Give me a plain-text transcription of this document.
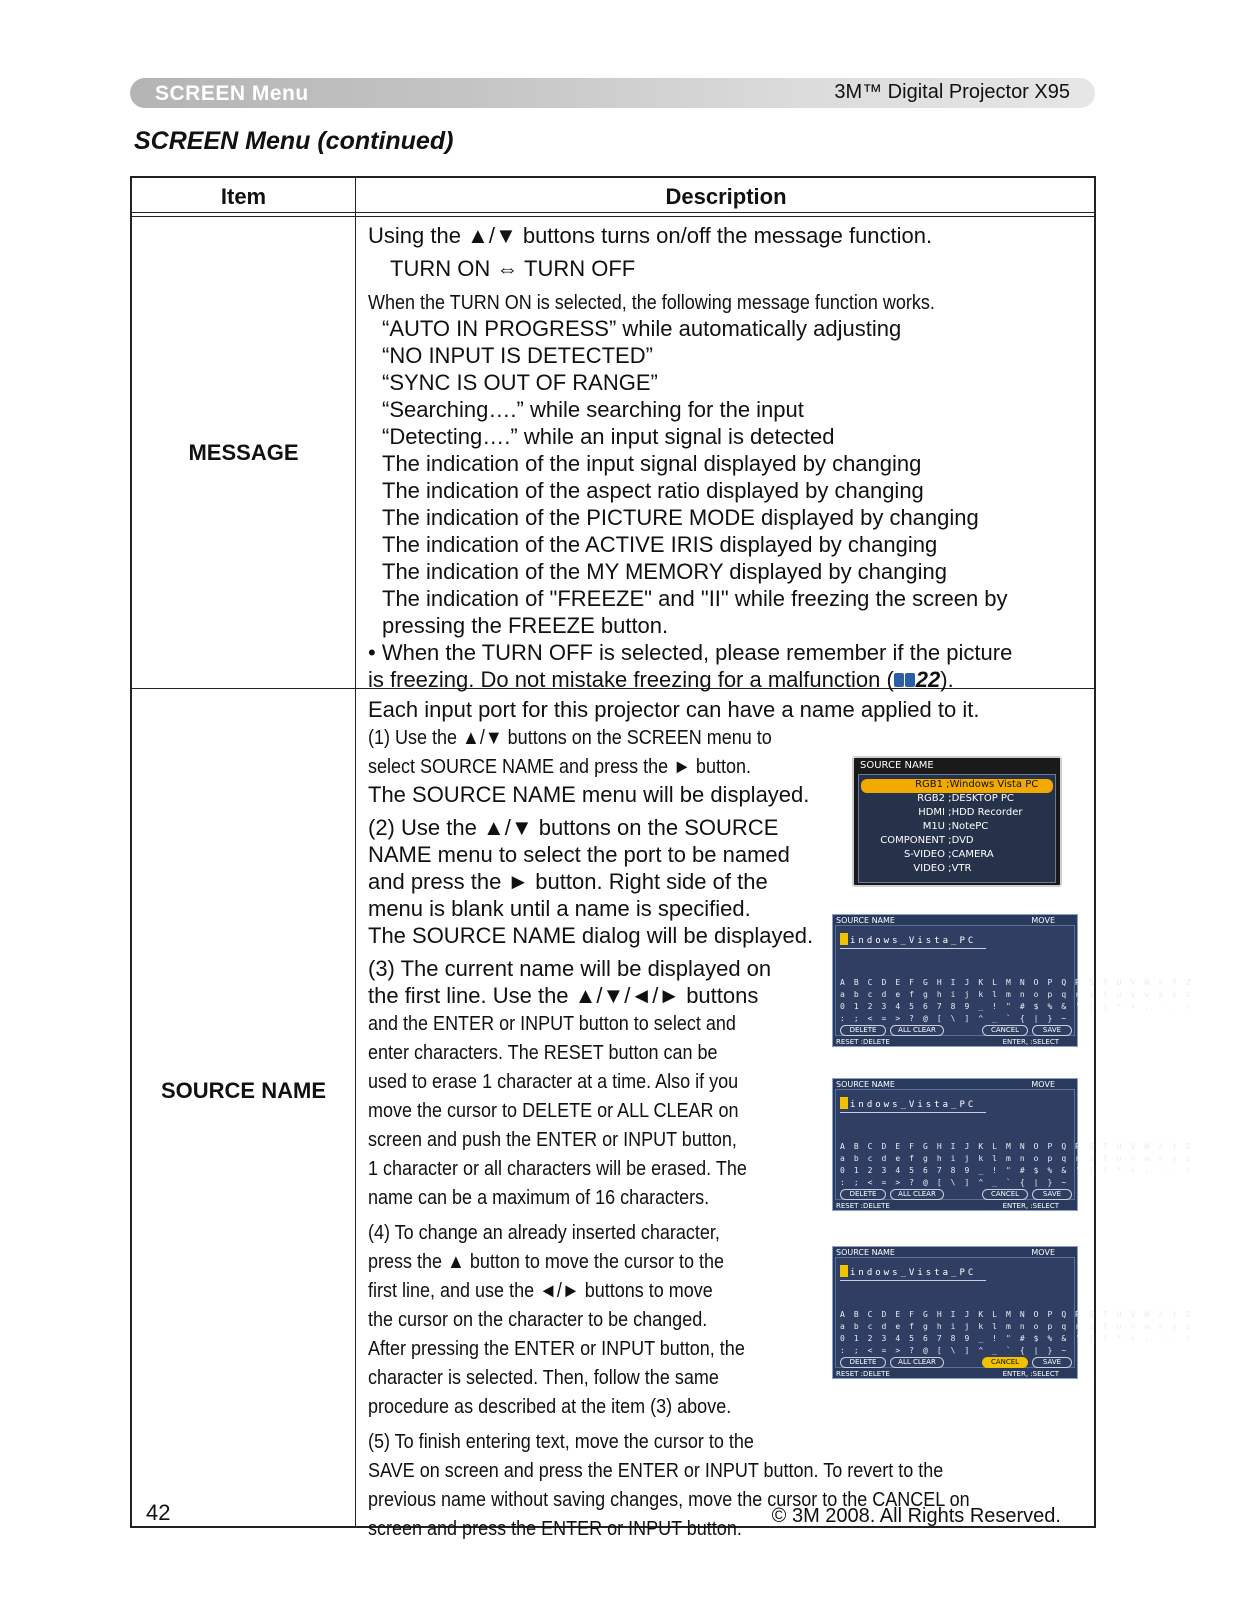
SCREEN Menu	3M™ Digital Projector X95
SCREEN Menu (continued)
Item	Description
MESSAGE
Using the ▲/▼ buttons turns on/off the message function.
TURN ON ⇔ TURN OFF
When the TURN ON is selected, the following message function works.
“AUTO IN PROGRESS” while automatically adjusting
“NO INPUT IS DETECTED”
“SYNC IS OUT OF RANGE”
“Searching….” while searching for the input
“Detecting….” while an input signal is detected
The indication of the input signal displayed by changing
The indication of the aspect ratio displayed by changing
The indication of the PICTURE MODE displayed by changing
The indication of the ACTIVE IRIS displayed by changing
The indication of the MY MEMORY displayed by changing
The indication of "FREEZE" and "II" while freezing the screen by
pressing the FREEZE button.
• When the TURN OFF is selected, please remember if the picture
is freezing. Do not mistake freezing for a malfunction ( 22).
SOURCE NAME
Each input port for this projector can have a name applied to it.
(1) Use the ▲/▼ buttons on the SCREEN menu to
select SOURCE NAME and press the ► button.
The SOURCE NAME menu will be displayed.
(2) Use the ▲/▼ buttons on the SOURCE
NAME menu to select the port to be named
and press the ► button. Right side of the
menu is blank until a name is specified.
The SOURCE NAME dialog will be displayed.
(3) The current name will be displayed on
the first line. Use the ▲/▼/◄/► buttons
and the ENTER or INPUT button to select and
enter characters. The RESET button can be
used to erase 1 character at a time. Also if you
move the cursor to DELETE or ALL CLEAR on
screen and push the ENTER or INPUT button,
1 character or all characters will be erased. The
name can be a maximum of 16 characters.
(4) To change an already inserted character,
press the ▲ button to move the cursor to the
first line, and use the ◄/► buttons to move
the cursor on the character to be changed.
After pressing the ENTER or INPUT button, the
character is selected. Then, follow the same
procedure as described at the item (3) above.
(5) To finish entering text, move the cursor to the
SAVE on screen and press the ENTER or INPUT button. To revert to the
previous name without saving changes, move the cursor to the CANCEL on
screen and press the ENTER or INPUT button.
SOURCE NAME
RGB1 ;Windows Vista PC
RGB2 ;DESKTOP PC
HDMI ;HDD Recorder
M1U ;NotePC
COMPONENT ;DVD
S-VIDEO ;CAMERA
VIDEO ;VTR
SOURCE NAME	MOVE
indows_Vista_PC
A B C D E F G H I J K L M N O P Q R S T U V W X Y Z
a b c d e f g h i j k l m n o p q r s t u v w x y z
0 1 2 3 4 5 6 7 8 9 _ ! " # $ % & ' ( ) * + , - . /
: ; < = > ? @ [ \ ] ^ _ ` { | } ~
DELETE	ALL CLEAR	CANCEL	SAVE
RESET :DELETE	ENTER, :SELECT
SOURCE NAME	MOVE
indows_Vista_PC
A B C D E F G H I J K L M N O P Q R S T U V W X Y Z
a b c d e f g h i j k l m n o p q r s t u v w x y z
0 1 2 3 4 5 6 7 8 9 _ ! " # $ % & ' ( ) * + , - . /
: ; < = > ? @ [ \ ] ^ _ ` { | } ~
DELETE	ALL CLEAR	CANCEL	SAVE
RESET :DELETE	ENTER, :SELECT
SOURCE NAME	MOVE
indows_Vista_PC
A B C D E F G H I J K L M N O P Q R S T U V W X Y Z
a b c d e f g h i j k l m n o p q r s t u v w x y z
0 1 2 3 4 5 6 7 8 9 _ ! " # $ % & ' ( ) * + , - . /
: ; < = > ? @ [ \ ] ^ _ ` { | } ~
DELETE	ALL CLEAR	CANCEL	SAVE
RESET :DELETE	ENTER, :SELECT
42	© 3M 2008. All Rights Reserved.
